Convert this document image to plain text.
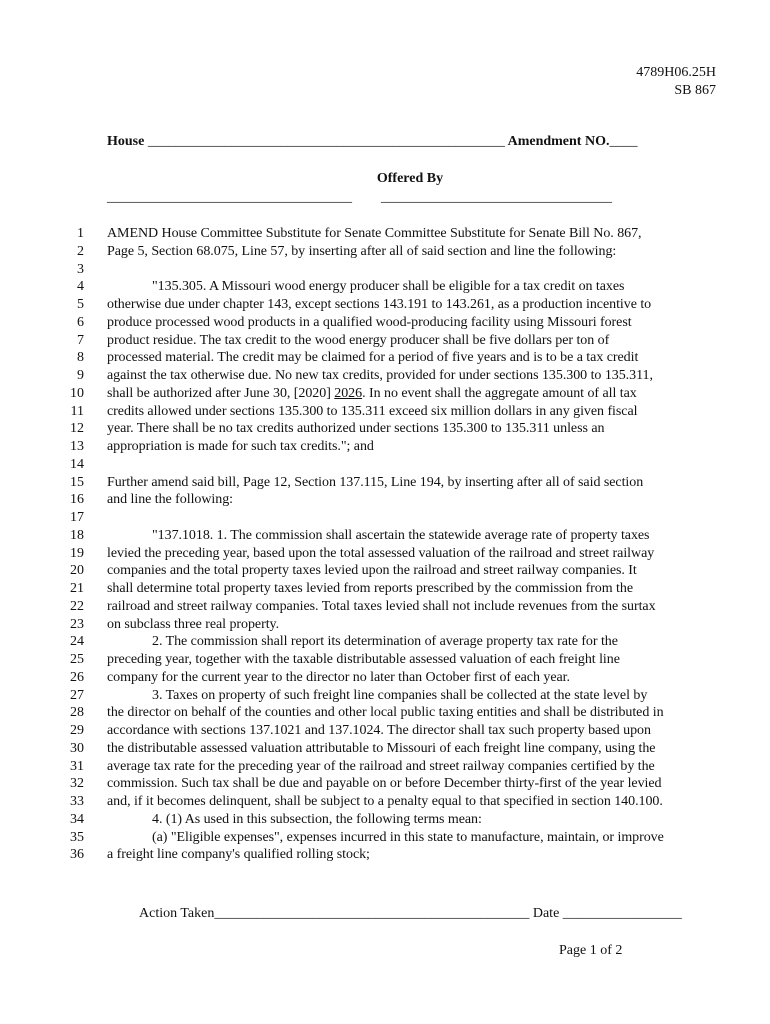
4789H06.25H
SB 867
House ___________________________________________________ Amendment NO.____
Offered By
___________________________________ _________________________________
1 AMEND House Committee Substitute for Senate Committee Substitute for Senate Bill No. 867,
2 Page 5, Section 68.075, Line 57, by inserting after all of said section and line the following:
3
4	"135.305. A Missouri wood energy producer shall be eligible for a tax credit on taxes
5 otherwise due under chapter 143, except sections 143.191 to 143.261, as a production incentive to
6 produce processed wood products in a qualified wood-producing facility using Missouri forest
7 product residue. The tax credit to the wood energy producer shall be five dollars per ton of
8 processed material. The credit may be claimed for a period of five years and is to be a tax credit
9 against the tax otherwise due. No new tax credits, provided for under sections 135.300 to 135.311,
10 shall be authorized after June 30, [2020] 2026. In no event shall the aggregate amount of all tax
11 credits allowed under sections 135.300 to 135.311 exceed six million dollars in any given fiscal
12 year. There shall be no tax credits authorized under sections 135.300 to 135.311 unless an
13 appropriation is made for such tax credits."; and
14
15 Further amend said bill, Page 12, Section 137.115, Line 194, by inserting after all of said section
16 and line the following:
17
18	"137.1018. 1. The commission shall ascertain the statewide average rate of property taxes
19 levied the preceding year, based upon the total assessed valuation of the railroad and street railway
20 companies and the total property taxes levied upon the railroad and street railway companies. It
21 shall determine total property taxes levied from reports prescribed by the commission from the
22 railroad and street railway companies. Total taxes levied shall not include revenues from the surtax
23 on subclass three real property.
24	2. The commission shall report its determination of average property tax rate for the
25 preceding year, together with the taxable distributable assessed valuation of each freight line
26 company for the current year to the director no later than October first of each year.
27	3. Taxes on property of such freight line companies shall be collected at the state level by
28 the director on behalf of the counties and other local public taxing entities and shall be distributed in
29 accordance with sections 137.1021 and 137.1024. The director shall tax such property based upon
30 the distributable assessed valuation attributable to Missouri of each freight line company, using the
31 average tax rate for the preceding year of the railroad and street railway companies certified by the
32 commission. Such tax shall be due and payable on or before December thirty-first of the year levied
33 and, if it becomes delinquent, shall be subject to a penalty equal to that specified in section 140.100.
34	4. (1) As used in this subsection, the following terms mean:
35	(a) "Eligible expenses", expenses incurred in this state to manufacture, maintain, or improve
36 a freight line company's qualified rolling stock;
Action Taken_____________________________________________ Date _________________
Page 1 of 2
